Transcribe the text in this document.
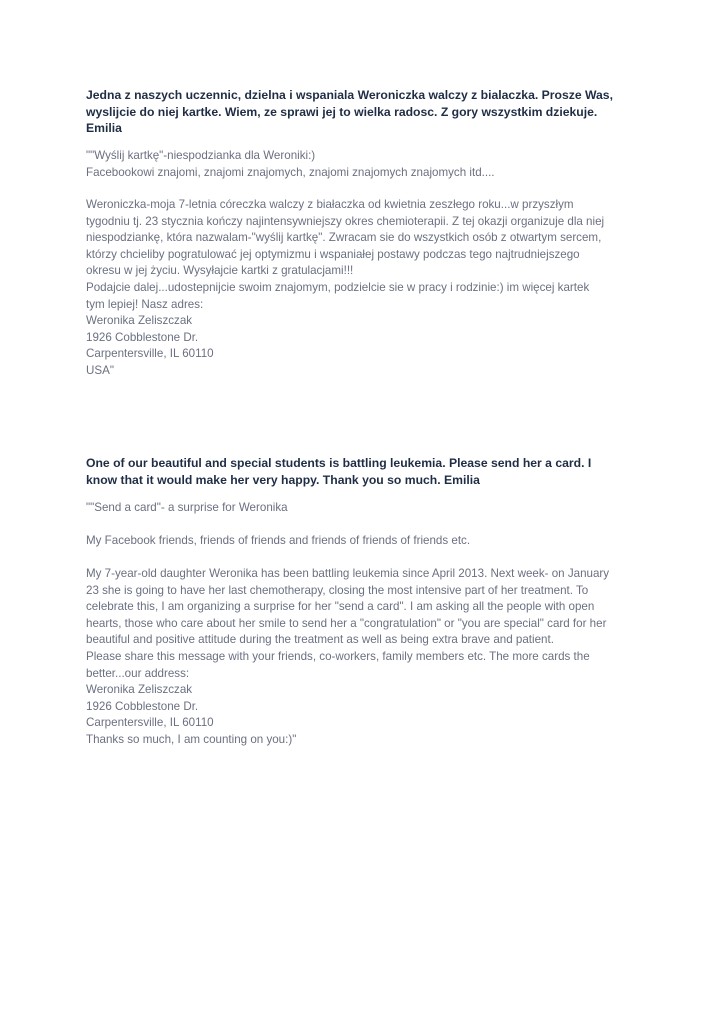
Jedna z naszych uczennic, dzielna i wspaniala Weroniczka walczy z bialaczka. Prosze Was,
wyslijcie do niej kartke. Wiem, ze sprawi jej to wielka radosc. Z gory wszystkim dziekuje.
Emilia

""Wyślij kartkę"-niespodzianka dla Weroniki:)
Facebookowi znajomi, znajomi znajomych, znajomi znajomych znajomych itd....

Weroniczka-moja 7-letnia córeczka walczy z białaczka od kwietnia zeszłego roku...w przyszłym
tygodniu tj. 23 stycznia kończy najintensywniejszy okres chemioterapii. Z tej okazji organizuje dla niej
niespodziankę, która nazwalam-"wyślij kartkę". Zwracam sie do wszystkich osób z otwartym sercem,
którzy chcieliby pogratulować jej optymizmu i wspaniałej postawy podczas tego najtrudniejszego
okresu w jej życiu. Wysyłajcie kartki z gratulacjami!!!
Podajcie dalej...udostepnijcie swoim znajomym, podzielcie sie w pracy i rodzinie:) im więcej kartek
tym lepiej! Nasz adres:
Weronika Zeliszczak
1926 Cobblestone Dr.
Carpentersville, IL 60110
USA"

One of our beautiful and special students is battling leukemia. Please send her a card. I
know that it would make her very happy. Thank you so much. Emilia

""Send a card"- a surprise for Weronika

My Facebook friends, friends of friends and friends of friends of friends etc.

My 7-year-old daughter Weronika has been battling leukemia since April 2013. Next week- on January
23 she is going to have her last chemotherapy, closing the most intensive part of her treatment. To
celebrate this, I am organizing a surprise for her "send a card". I am asking all the people with open
hearts, those who care about her smile to send her a "congratulation" or "you are special" card for her
beautiful and positive attitude during the treatment as well as being extra brave and patient.
Please share this message with your friends, co-workers, family members etc. The more cards the
better...our address:
Weronika Zeliszczak
1926 Cobblestone Dr.
Carpentersville, IL 60110
Thanks so much, I am counting on you:)"
